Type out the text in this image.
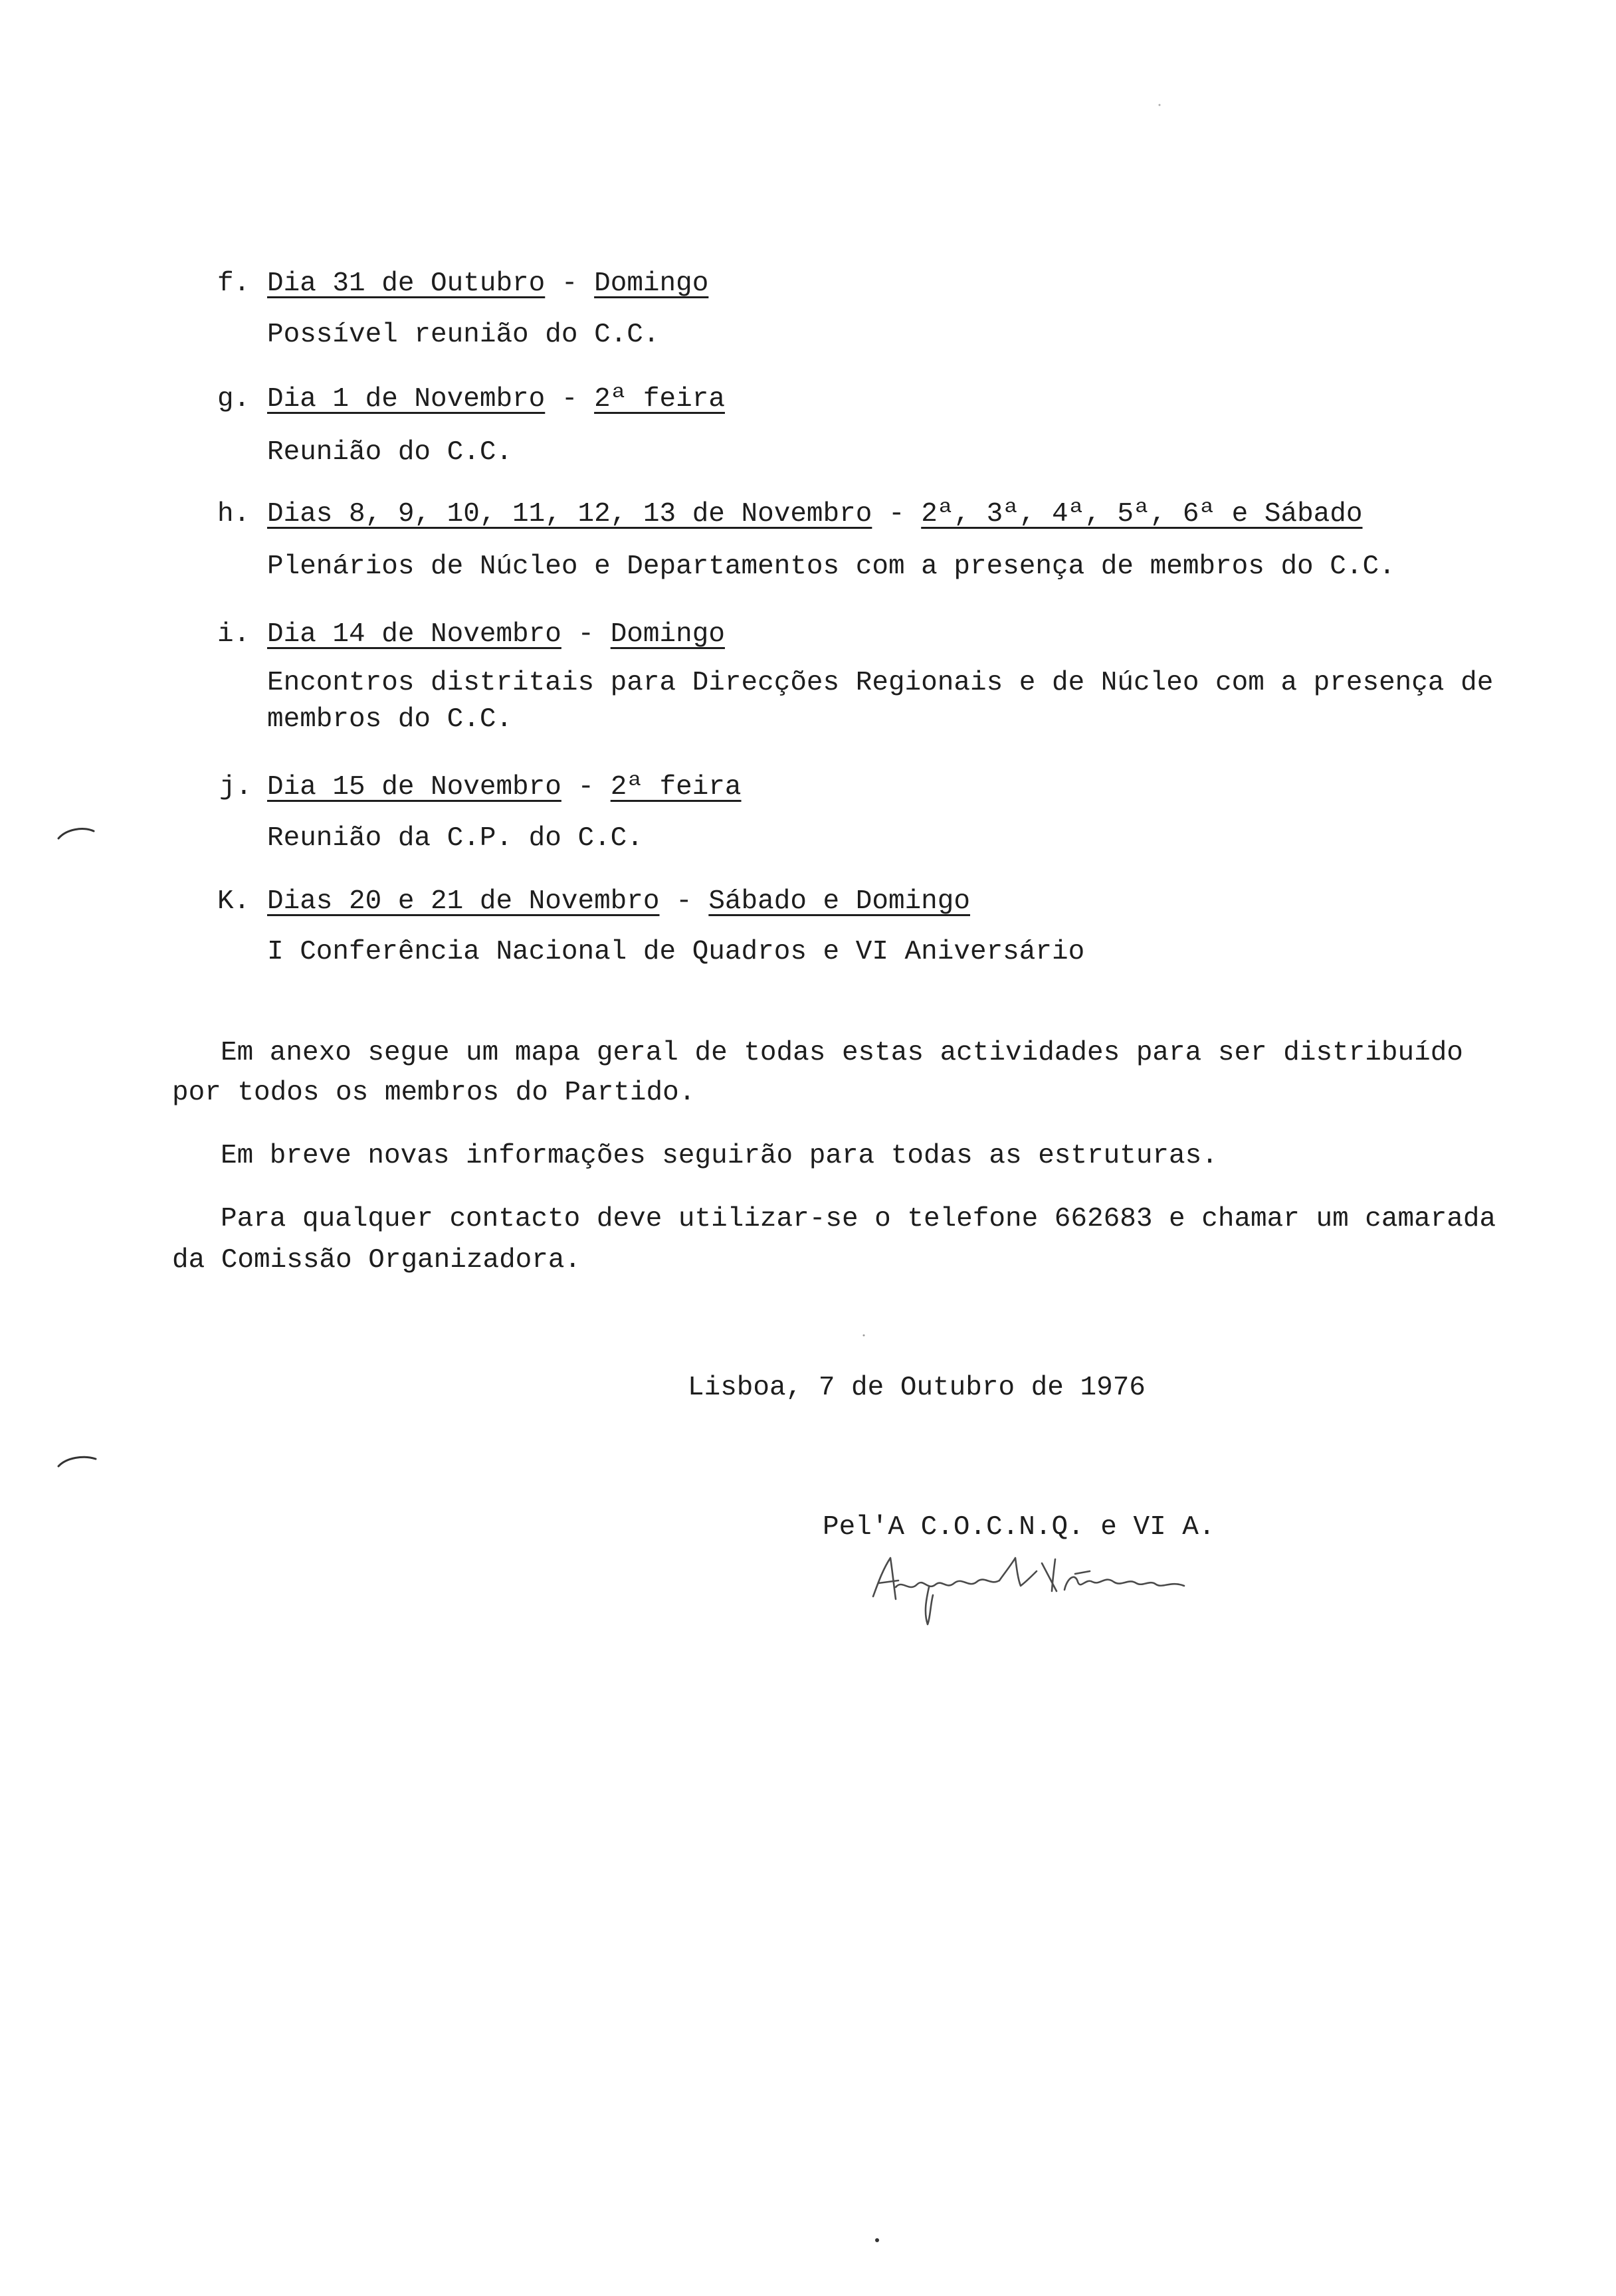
f. Dia 31 de Outubro - Domingo
Possível reunião do C.C.
g. Dia 1 de Novembro - 2ª feira
Reunião do C.C.
h. Dias 8, 9, 10, 11, 12, 13 de Novembro - 2ª, 3ª, 4ª, 5ª, 6ª e Sábado
Plenários de Núcleo e Departamentos com a presença de membros do C.C.
i. Dia 14 de Novembro - Domingo
Encontros distritais para Direcções Regionais e de Núcleo com a presença de
membros do C.C.
j. Dia 15 de Novembro - 2ª feira
Reunião da C.P. do C.C.
K. Dias 20 e 21 de Novembro - Sábado e Domingo
I Conferência Nacional de Quadros e VI Aniversário
Em anexo segue um mapa geral de todas estas actividades para ser distribuído
por todos os membros do Partido.
Em breve novas informações seguirão para todas as estruturas.
Para qualquer contacto deve utilizar-se o telefone 662683 e chamar um camarada
da Comissão Organizadora.
Lisboa, 7 de Outubro de 1976
Pel'A C.O.C.N.Q. e VI A.
